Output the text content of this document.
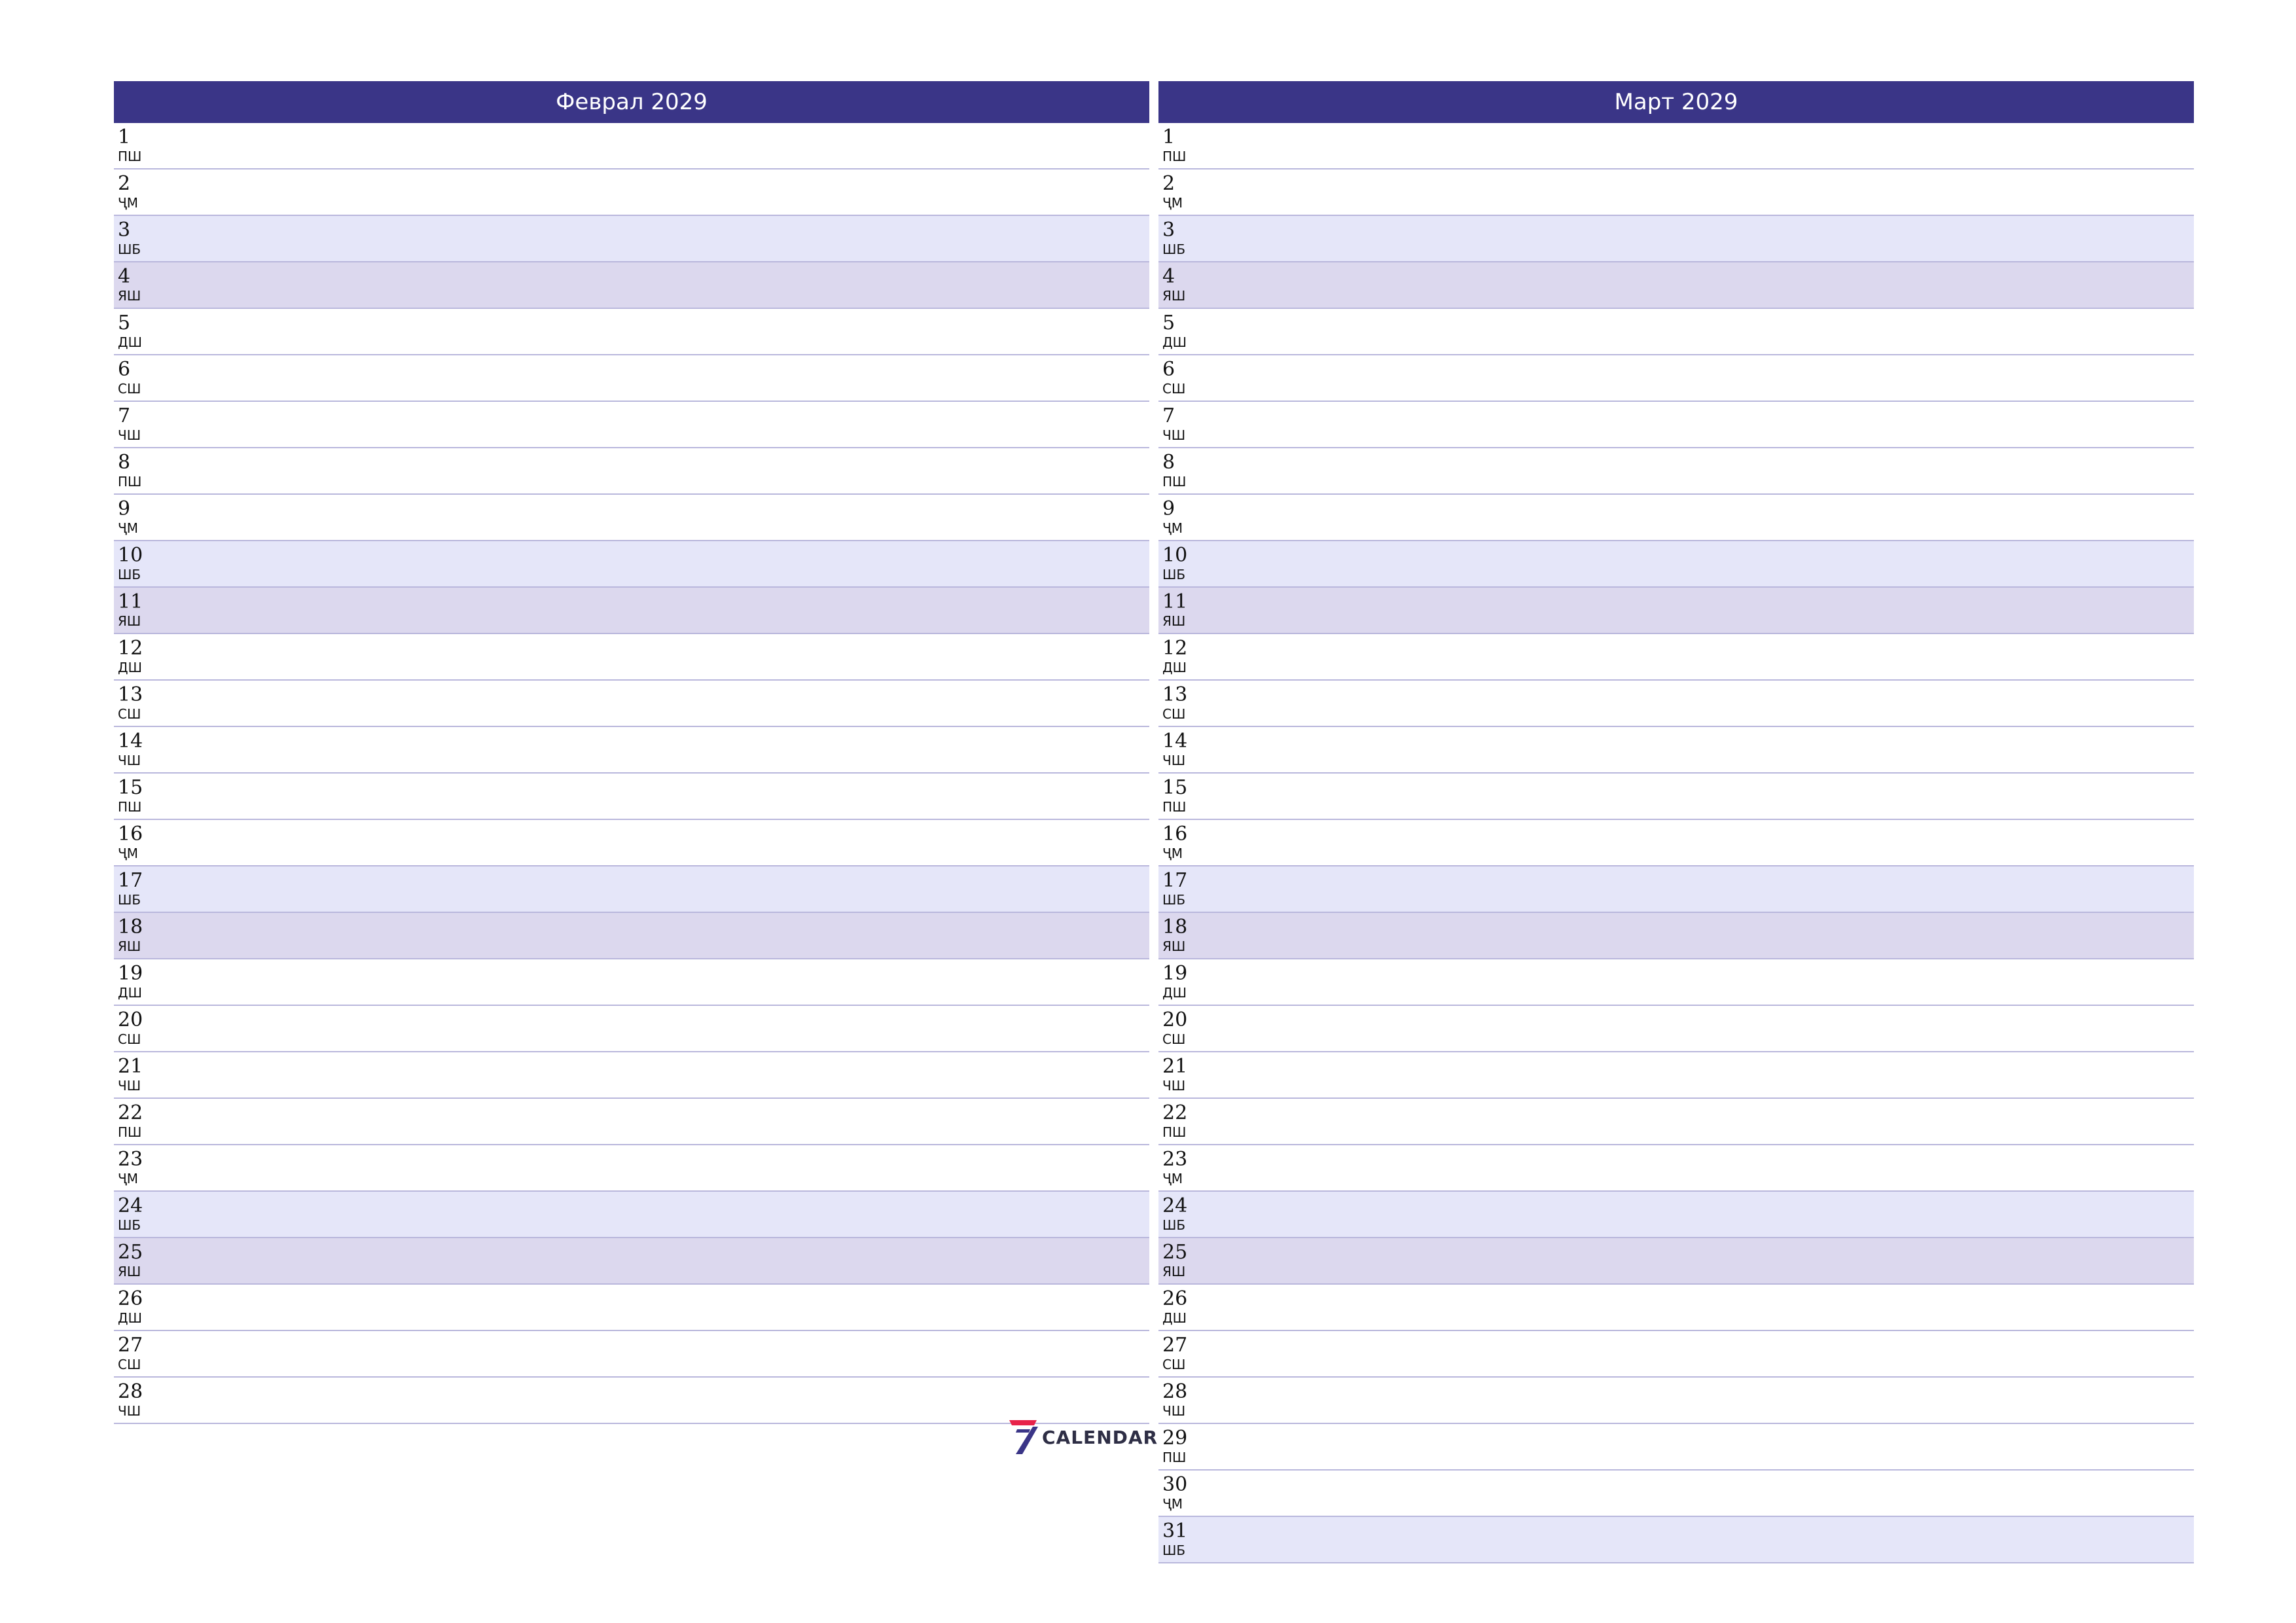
Феврал 2029
1
ПШ
2
ҶМ
3
ШБ
4
ЯШ
5
ДШ
6
СШ
7
ЧШ
8
ПШ
9
ҶМ
10
ШБ
11
ЯШ
12
ДШ
13
СШ
14
ЧШ
15
ПШ
16
ҶМ
17
ШБ
18
ЯШ
19
ДШ
20
СШ
21
ЧШ
22
ПШ
23
ҶМ
24
ШБ
25
ЯШ
26
ДШ
27
СШ
28
ЧШ
Март 2029
1
ПШ
2
ҶМ
3
ШБ
4
ЯШ
5
ДШ
6
СШ
7
ЧШ
8
ПШ
9
ҶМ
10
ШБ
11
ЯШ
12
ДШ
13
СШ
14
ЧШ
15
ПШ
16
ҶМ
17
ШБ
18
ЯШ
19
ДШ
20
СШ
21
ЧШ
22
ПШ
23
ҶМ
24
ШБ
25
ЯШ
26
ДШ
27
СШ
28
ЧШ
29
ПШ
30
ҶМ
31
ШБ
CALENDAR
